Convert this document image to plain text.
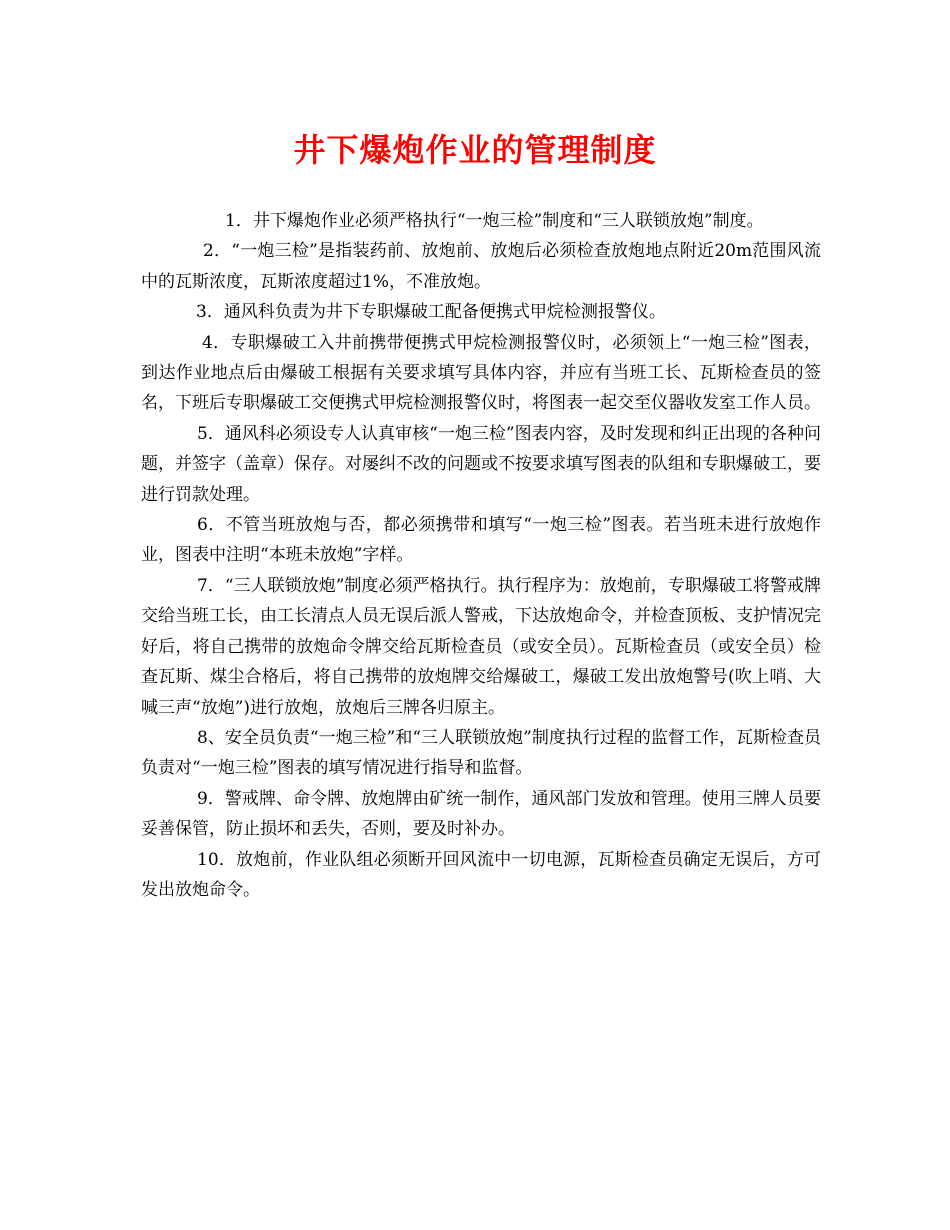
井下爆炮作业的管理制度

1．井下爆炮作业必须严格执行“一炮三检”制度和“三人联锁放炮”制度。

2．“一炮三检”是指装药前、放炮前、放炮后必须检查放炮地点附近20m范围风流中的瓦斯浓度，瓦斯浓度超过1%，不准放炮。

3．通风科负责为井下专职爆破工配备便携式甲烷检测报警仪。

4．专职爆破工入井前携带便携式甲烷检测报警仪时，必须领上“一炮三检”图表，到达作业地点后由爆破工根据有关要求填写具体内容，并应有当班工长、瓦斯检查员的签名，下班后专职爆破工交便携式甲烷检测报警仪时，将图表一起交至仪器收发室工作人员。

5．通风科必须设专人认真审核“一炮三检”图表内容，及时发现和纠正出现的各种问题，并签字（盖章）保存。对屡纠不改的问题或不按要求填写图表的队组和专职爆破工，要进行罚款处理。

6．不管当班放炮与否，都必须携带和填写“一炮三检”图表。若当班未进行放炮作业，图表中注明“本班未放炮”字样。

7．“三人联锁放炮”制度必须严格执行。执行程序为：放炮前，专职爆破工将警戒牌交给当班工长，由工长清点人员无误后派人警戒，下达放炮命令，并检查顶板、支护情况完好后，将自己携带的放炮命令牌交给瓦斯检查员（或安全员）。瓦斯检查员（或安全员）检查瓦斯、煤尘合格后，将自己携带的放炮牌交给爆破工，爆破工发出放炮警号(吹上哨、大喊三声“放炮”)进行放炮，放炮后三牌各归原主。

8、安全员负责“一炮三检”和“三人联锁放炮”制度执行过程的监督工作，瓦斯检查员负责对“一炮三检”图表的填写情况进行指导和监督。

9．警戒牌、命令牌、放炮牌由矿统一制作，通风部门发放和管理。使用三牌人员要妥善保管，防止损坏和丢失，否则，要及时补办。

10．放炮前，作业队组必须断开回风流中一切电源，瓦斯检查员确定无误后，方可发出放炮命令。
